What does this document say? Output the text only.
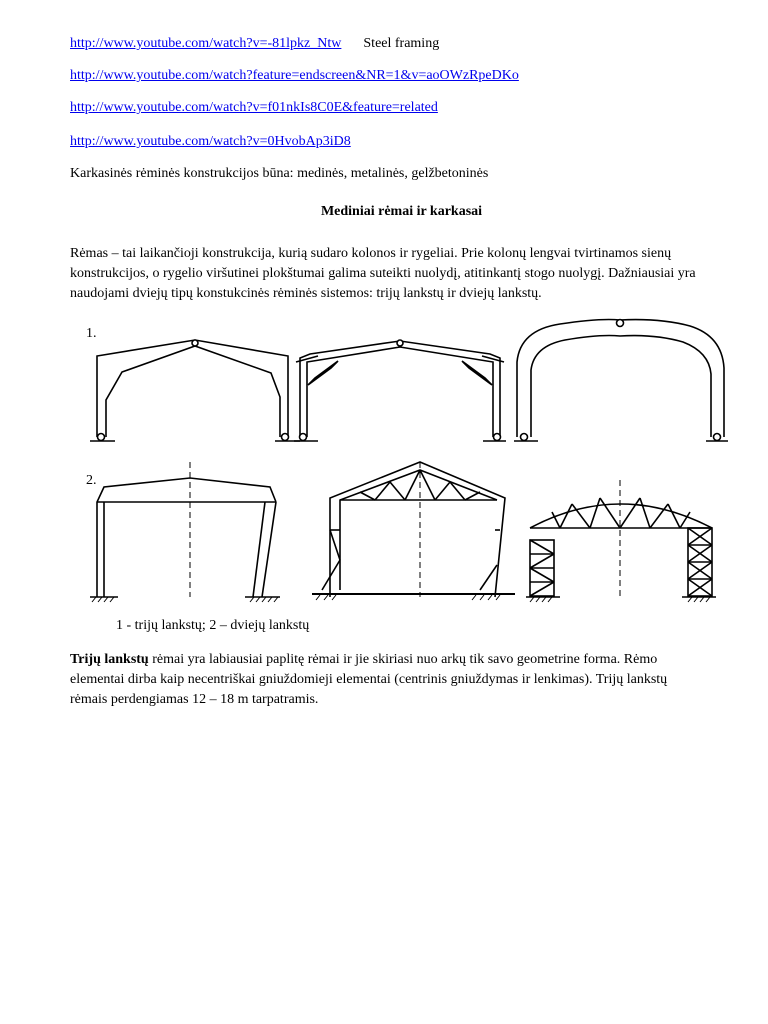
http://www.youtube.com/watch?v=-81lpkz_Ntw Steel framing
http://www.youtube.com/watch?feature=endscreen&NR=1&v=aoOWzRpeDKo
http://www.youtube.com/watch?v=f01nkIs8C0E&feature=related
http://www.youtube.com/watch?v=0HvobAp3iD8
Karkasinės rėminės konstrukcijos būna: medinės, metalinės, gelžbetoninės
Mediniai rėmai ir karkasai
Rėmas – tai laikančioji konstrukcija, kurią sudaro kolonos ir rygeliai. Prie kolonų lengvai tvirtinamos sienų konstrukcijos, o rygelio viršutinei plokštumai galima suteikti nuolydį, atitinkantį stogo nuolygį. Dažniausiai yra naudojami dviejų tipų konstukcinės rėminės sistemos: trijų lankstų ir dviejų lankstų.
1.
2.
1 - trijų lankstų; 2 – dviejų lankstų
Trijų lankstų rėmai yra labiausiai paplitę rėmai ir jie skiriasi nuo arkų tik savo geometrine forma. Rėmo elementai dirba kaip necentriškai gniuždomieji elementai (centrinis gniuždymas ir lenkimas). Trijų lankstų rėmais perdengiamas 12 – 18 m tarpatramis.
